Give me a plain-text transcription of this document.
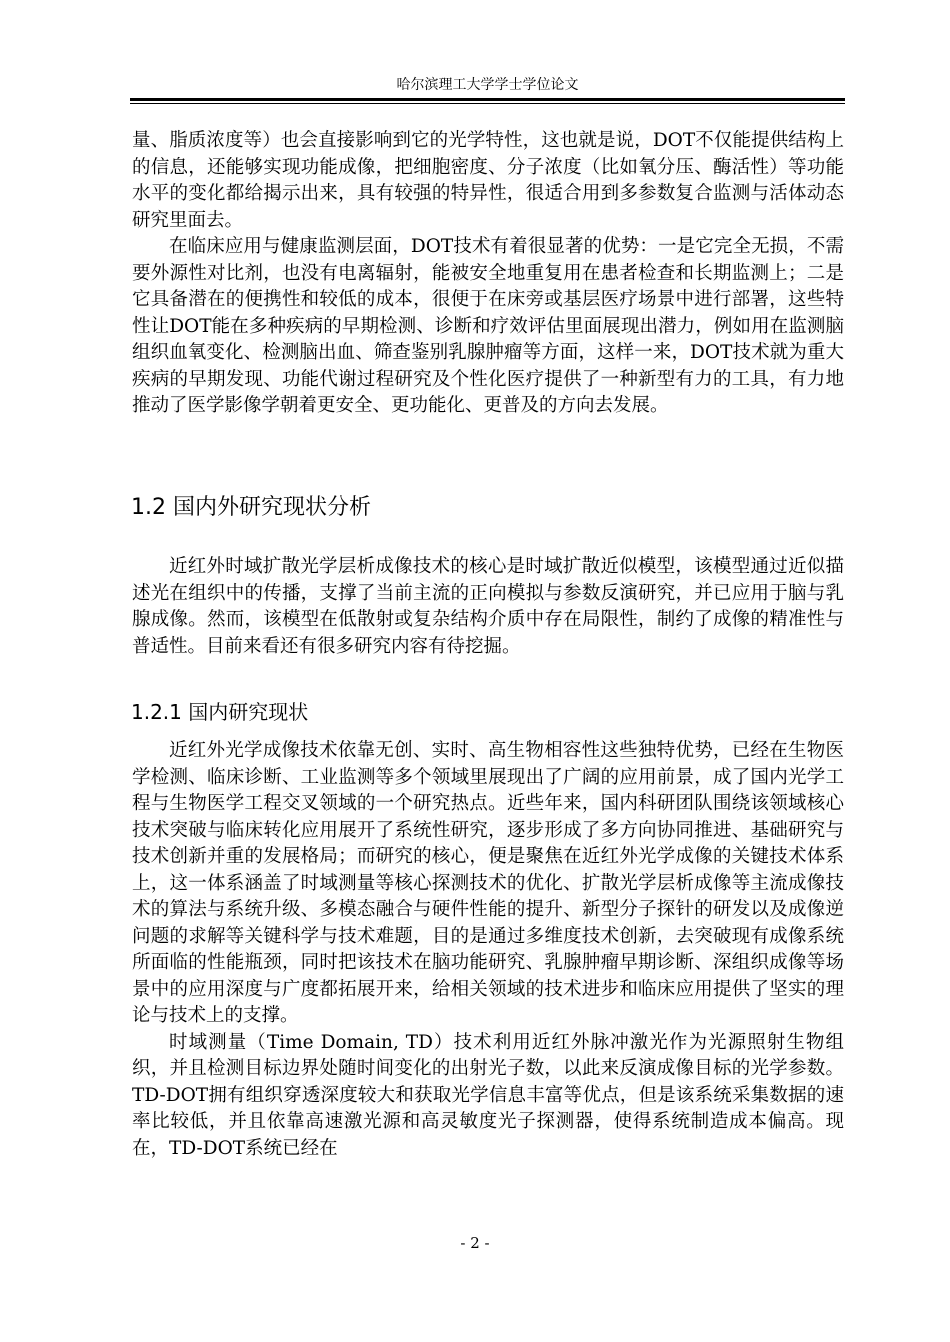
哈尔滨理工大学学士学位论文

量、脂质浓度等）也会直接影响到它的光学特性，这也就是说，DOT不仅能提供结构上的信息，还能够实现功能成像，把细胞密度、分子浓度（比如氧分压、酶活性）等功能水平的变化都给揭示出来，具有较强的特异性，很适合用到多参数复合监测与活体动态研究里面去。

在临床应用与健康监测层面，DOT技术有着很显著的优势：一是它完全无损，不需要外源性对比剂，也没有电离辐射，能被安全地重复用在患者检查和长期监测上；二是它具备潜在的便携性和较低的成本，很便于在床旁或基层医疗场景中进行部署，这些特性让DOT能在多种疾病的早期检测、诊断和疗效评估里面展现出潜力，例如用在监测脑组织血氧变化、检测脑出血、筛查鉴别乳腺肿瘤等方面，这样一来，DOT技术就为重大疾病的早期发现、功能代谢过程研究及个性化医疗提供了一种新型有力的工具，有力地推动了医学影像学朝着更安全、更功能化、更普及的方向去发展。

1.2 国内外研究现状分析

近红外时域扩散光学层析成像技术的核心是时域扩散近似模型，该模型通过近似描述光在组织中的传播，支撑了当前主流的正向模拟与参数反演研究，并已应用于脑与乳腺成像。然而，该模型在低散射或复杂结构介质中存在局限性，制约了成像的精准性与普适性。目前来看还有很多研究内容有待挖掘。

1.2.1 国内研究现状

近红外光学成像技术依靠无创、实时、高生物相容性这些独特优势，已经在生物医学检测、临床诊断、工业监测等多个领域里展现出了广阔的应用前景，成了国内光学工程与生物医学工程交叉领域的一个研究热点。近些年来，国内科研团队围绕该领域核心技术突破与临床转化应用展开了系统性研究，逐步形成了多方向协同推进、基础研究与技术创新并重的发展格局；而研究的核心，便是聚焦在近红外光学成像的关键技术体系上，这一体系涵盖了时域测量等核心探测技术的优化、扩散光学层析成像等主流成像技术的算法与系统升级、多模态融合与硬件性能的提升、新型分子探针的研发以及成像逆问题的求解等关键科学与技术难题，目的是通过多维度技术创新，去突破现有成像系统所面临的性能瓶颈，同时把该技术在脑功能研究、乳腺肿瘤早期诊断、深组织成像等场景中的应用深度与广度都拓展开来，给相关领域的技术进步和临床应用提供了坚实的理论与技术上的支撑。

时域测量（Time Domain, TD）技术利用近红外脉冲激光作为光源照射生物组织，并且检测目标边界处随时间变化的出射光子数，以此来反演成像目标的光学参数。TD-DOT拥有组织穿透深度较大和获取光学信息丰富等优点，但是该系统采集数据的速率比较低，并且依靠高速激光源和高灵敏度光子探测器，使得系统制造成本偏高。现在，TD-DOT系统已经在

- 2 -
